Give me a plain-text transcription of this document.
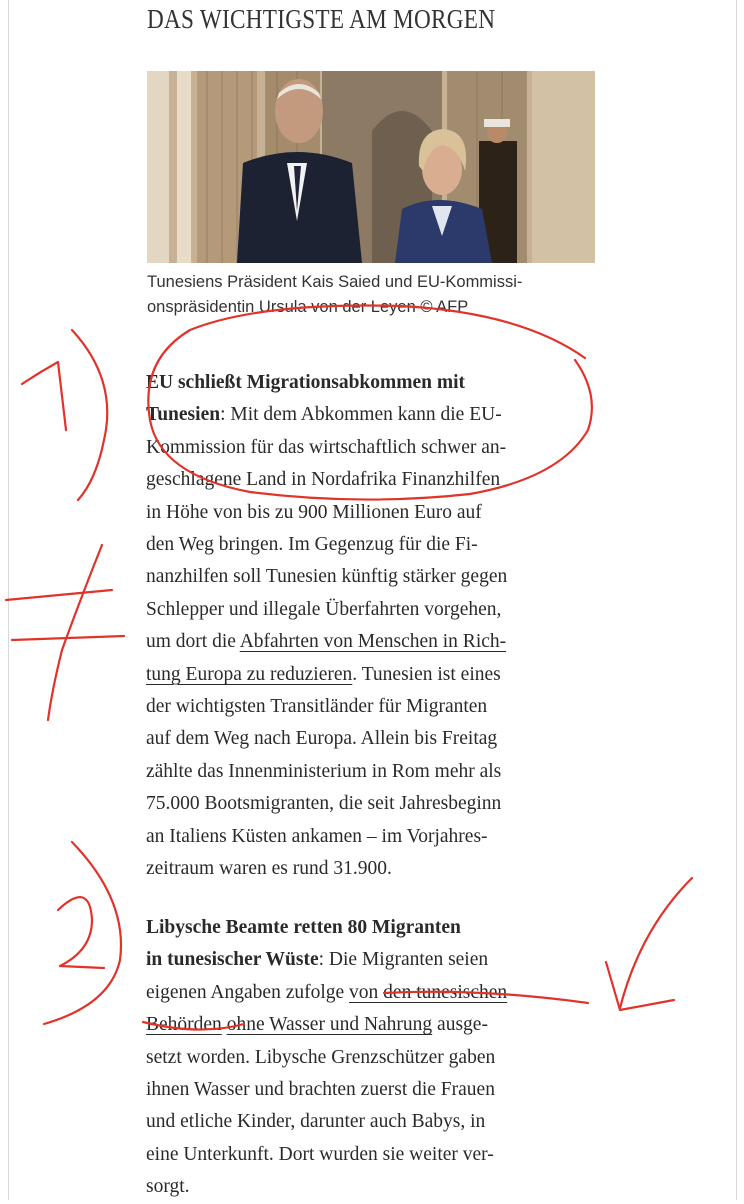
DAS WICHTIGSTE AM MORGEN
Tunesiens Präsident Kais Saied und EU-Kommissi-
onspräsidentin Ursula von der Leyen © AFP
EU schließt Migrationsabkommen mit
Tunesien: Mit dem Abkommen kann die EU-
Kommission für das wirtschaftlich schwer an-
geschlagene Land in Nordafrika Finanzhilfen
in Höhe von bis zu 900 Millionen Euro auf
den Weg bringen. Im Gegenzug für die Fi-
nanzhilfen soll Tunesien künftig stärker gegen
Schlepper und illegale Überfahrten vorgehen,
um dort die Abfahrten von Menschen in Rich-
tung Europa zu reduzieren. Tunesien ist eines
der wichtigsten Transitländer für Migranten
auf dem Weg nach Europa. Allein bis Freitag
zählte das Innenministerium in Rom mehr als
75.000 Bootsmigranten, die seit Jahresbeginn
an Italiens Küsten ankamen – im Vorjahres-
zeitraum waren es rund 31.900.
Libysche Beamte retten 80 Migranten
in tunesischer Wüste: Die Migranten seien
eigenen Angaben zufolge von den tunesischen
Behörden ohne Wasser und Nahrung ausge-
setzt worden. Libysche Grenzschützer gaben
ihnen Wasser und brachten zuerst die Frauen
und etliche Kinder, darunter auch Babys, in
eine Unterkunft. Dort wurden sie weiter ver-
sorgt.
